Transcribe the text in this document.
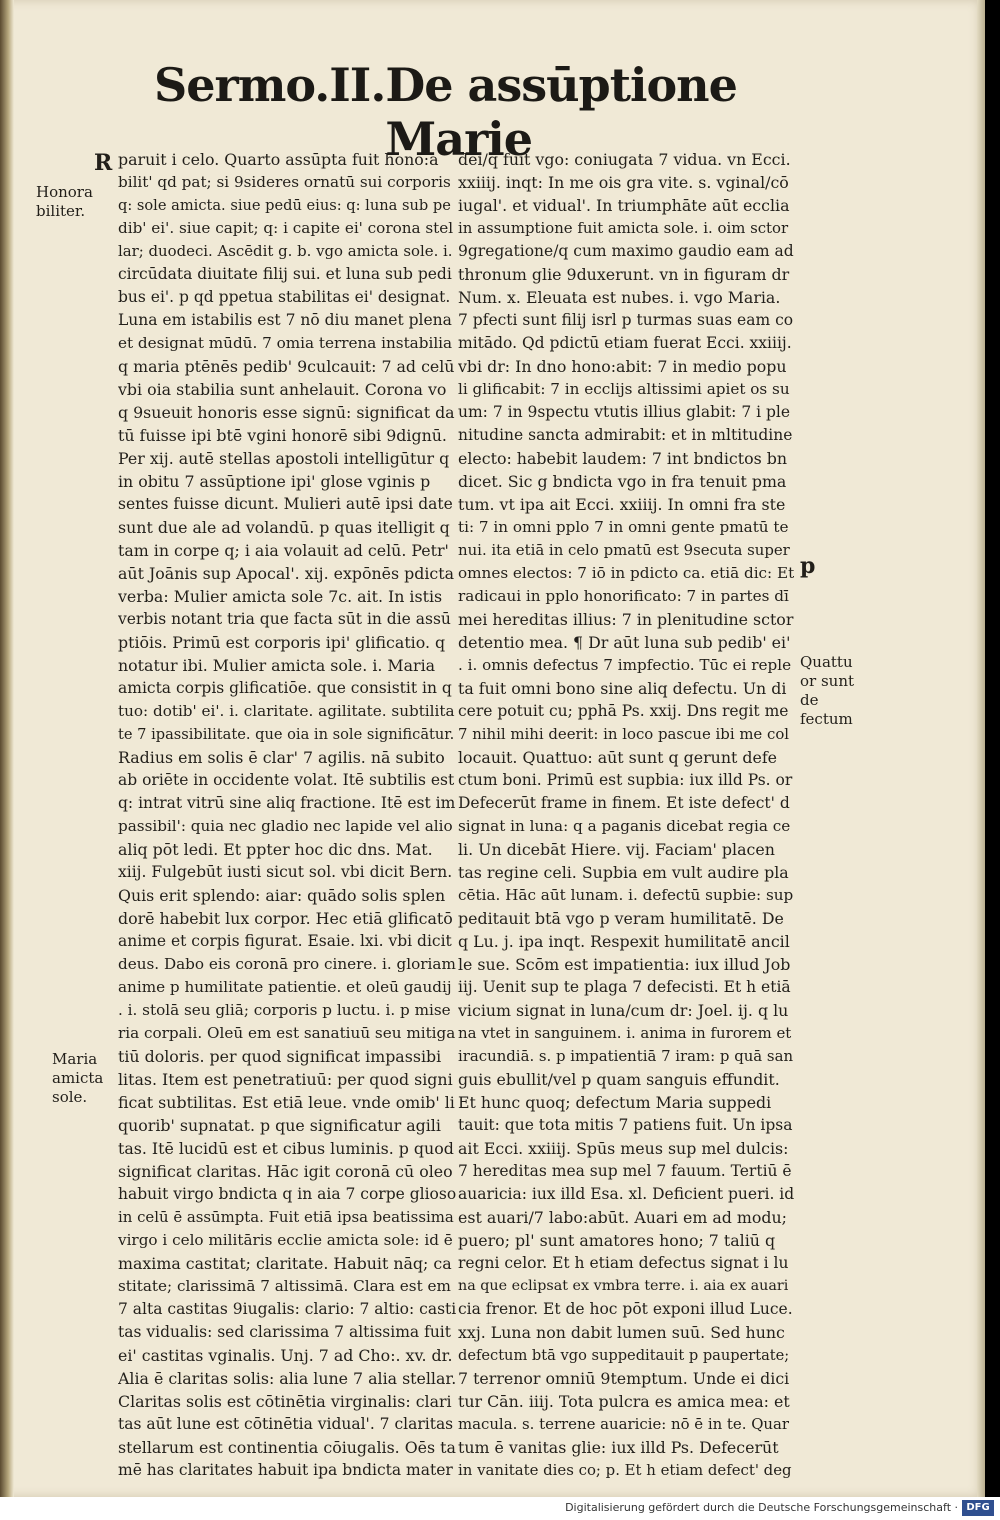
Sermo.II. De assūptione Marie
R
p
Honora
biliter.
Maria
amicta
sole.
Quattu
or sunt
de
fectum
paruit i celo. Quarto assūpta fuit hono:a
bilit' qd pat; si 9sideres ornatū sui corporis
q: sole amicta. siue pedū eius: q: luna sub pe
dib' ei'. siue capit; q: i capite ei' corona stel
lar; duodeci. Ascēdit g. b. vgo amicta sole. i.
circūdata diuitate filij sui. et luna sub pedi
bus ei'. p qd ppetua stabilitas ei' designat.
Luna em istabilis est 7 nō diu manet plena
et designat mūdū. 7 omia terrena instabilia
q maria ptēnēs pedib' 9culcauit: 7 ad celū
vbi oia stabilia sunt anhelauit. Corona vo
q 9sueuit honoris esse signū: significat da
tū fuisse ipi btē vgini honorē sibi 9dignū.
Per xij. autē stellas apostoli intelligūtur q
in obitu 7 assūptione ipi' glose vginis p
sentes fuisse dicunt. Mulieri autē ipsi date
sunt due ale ad volandū. p quas itelligit q
tam in corpe q; i aia volauit ad celū. Petr'
aūt Joānis sup Apocal'. xij. expōnēs pdicta
verba: Mulier amicta sole 7c. ait. In istis
verbis notant tria que facta sūt in die assū
ptiōis. Primū est corporis ipi' glificatio. q
notatur ibi. Mulier amicta sole. i. Maria
amicta corpis glificatiōe. que consistit in q
tuo: dotib' ei'. i. claritate. agilitate. subtilita
te 7 ipassibilitate. que oia in sole significātur.
Radius em solis ē clar' 7 agilis. nā subito
ab oriēte in occidente volat. Itē subtilis est
q: intrat vitrū sine aliq fractione. Itē est im
passibil': quia nec gladio nec lapide vel alio
aliq pōt ledi. Et ppter hoc dic dns. Mat.
xiij. Fulgebūt iusti sicut sol. vbi dicit Bern.
Quis erit splendo: aiar: quādo solis splen
dorē habebit lux corpor. Hec etiā glificatō
anime et corpis figurat. Esaie. lxi. vbi dicit
deus. Dabo eis coronā pro cinere. i. gloriam
anime p humilitate patientie. et oleū gaudij
. i. stolā seu gliā; corporis p luctu. i. p mise
ria corpali. Oleū em est sanatiuū seu mitiga
tiū doloris. per quod significat impassibi
litas. Item est penetratiuū: per quod signi
ficat subtilitas. Est etiā leue. vnde omib' li
quorib' supnatat. p que significatur agili
tas. Itē lucidū est et cibus luminis. p quod
significat claritas. Hāc igit coronā cū oleo
habuit virgo bndicta q in aia 7 corpe glioso
in celū ē assūmpta. Fuit etiā ipsa beatissima
virgo i celo militāris ecclie amicta sole: id ē
maxima castitat; claritate. Habuit nāq; ca
stitate; clarissimā 7 altissimā. Clara est em
7 alta castitas 9iugalis: clario: 7 altio: casti
tas vidualis: sed clarissima 7 altissima fuit
ei' castitas vginalis. Unj. 7 ad Cho:. xv. dr.
Alia ē claritas solis: alia lune 7 alia stellar.
Claritas solis est cōtinētia virginalis: clari
tas aūt lune est cōtinētia vidual'. 7 claritas
stellarum est continentia cōiugalis. Oēs ta
mē has claritates habuit ipa bndicta mater
dei/q fuit vgo: coniugata 7 vidua. vn Ecci.
xxiiij. inqt: In me ois gra vite. s. vginal/cō
iugal'. et vidual'. In triumphāte aūt ecclia
in assumptione fuit amicta sole. i. oim sctor
9gregatione/q cum maximo gaudio eam ad
thronum glie 9duxerunt. vn in figuram dr
Num. x. Eleuata est nubes. i. vgo Maria.
7 pfecti sunt filij isrl p turmas suas eam co
mitādo. Qd pdictū etiam fuerat Ecci. xxiiij.
vbi dr: In dno hono:abit: 7 in medio popu
li glificabit: 7 in ecclijs altissimi apiet os su
um: 7 in 9spectu vtutis illius glabit: 7 i ple
nitudine sancta admirabit: et in mltitudine
electo: habebit laudem: 7 int bndictos bn
dicet. Sic g bndicta vgo in fra tenuit pma
tum. vt ipa ait Ecci. xxiiij. In omni fra ste
ti: 7 in omni pplo 7 in omni gente pmatū te
nui. ita etiā in celo pmatū est 9secuta super
omnes electos: 7 iō in pdicto ca. etiā dic: Et
radicaui in pplo honorificato: 7 in partes dī
mei hereditas illius: 7 in plenitudine sctor
detentio mea. ¶ Dr aūt luna sub pedib' ei'
. i. omnis defectus 7 impfectio. Tūc ei reple
ta fuit omni bono sine aliq defectu. Un di
cere potuit cu; pphā Ps. xxij. Dns regit me
7 nihil mihi deerit: in loco pascue ibi me col
locauit. Quattuo: aūt sunt q gerunt defe
ctum boni. Primū est supbia: iux illd Ps. or
Defecerūt frame in finem. Et iste defect' d
signat in luna: q a paganis dicebat regia ce
li. Un dicebāt Hiere. vij. Faciam' placen
tas regine celi. Supbia em vult audire pla
cētia. Hāc aūt lunam. i. defectū supbie: sup
peditauit btā vgo p veram humilitatē. De
q Lu. j. ipa inqt. Respexit humilitatē ancil
le sue. Scōm est impatientia: iux illud Job
iij. Uenit sup te plaga 7 defecisti. Et h etiā
vicium signat in luna/cum dr: Joel. ij. q lu
na vtet in sanguinem. i. anima in furorem et
iracundiā. s. p impatientiā 7 iram: p quā san
guis ebullit/vel p quam sanguis effundit.
Et hunc quoq; defectum Maria suppedi
tauit: que tota mitis 7 patiens fuit. Un ipsa
ait Ecci. xxiiij. Spūs meus sup mel dulcis:
7 hereditas mea sup mel 7 fauum. Tertiū ē
auaricia: iux illd Esa. xl. Deficient pueri. id
est auari/7 labo:abūt. Auari em ad modu;
puero; pl' sunt amatores hono; 7 taliū q
regni celor. Et h etiam defectus signat i lu
na que eclipsat ex vmbra terre. i. aia ex auari
cia frenor. Et de hoc pōt exponi illud Luce.
xxj. Luna non dabit lumen suū. Sed hunc
defectum btā vgo suppeditauit p paupertate;
7 terrenor omniū 9temptum. Unde ei dici
tur Cān. iiij. Tota pulcra es amica mea: et
macula. s. terrene auaricie: nō ē in te. Quar
tum ē vanitas glie: iux illd Ps. Defecerūt
in vanitate dies co; p. Et h etiam defect' deg
Digitalisierung gefördert durch die Deutsche Forschungsgemeinschaft · DFG
